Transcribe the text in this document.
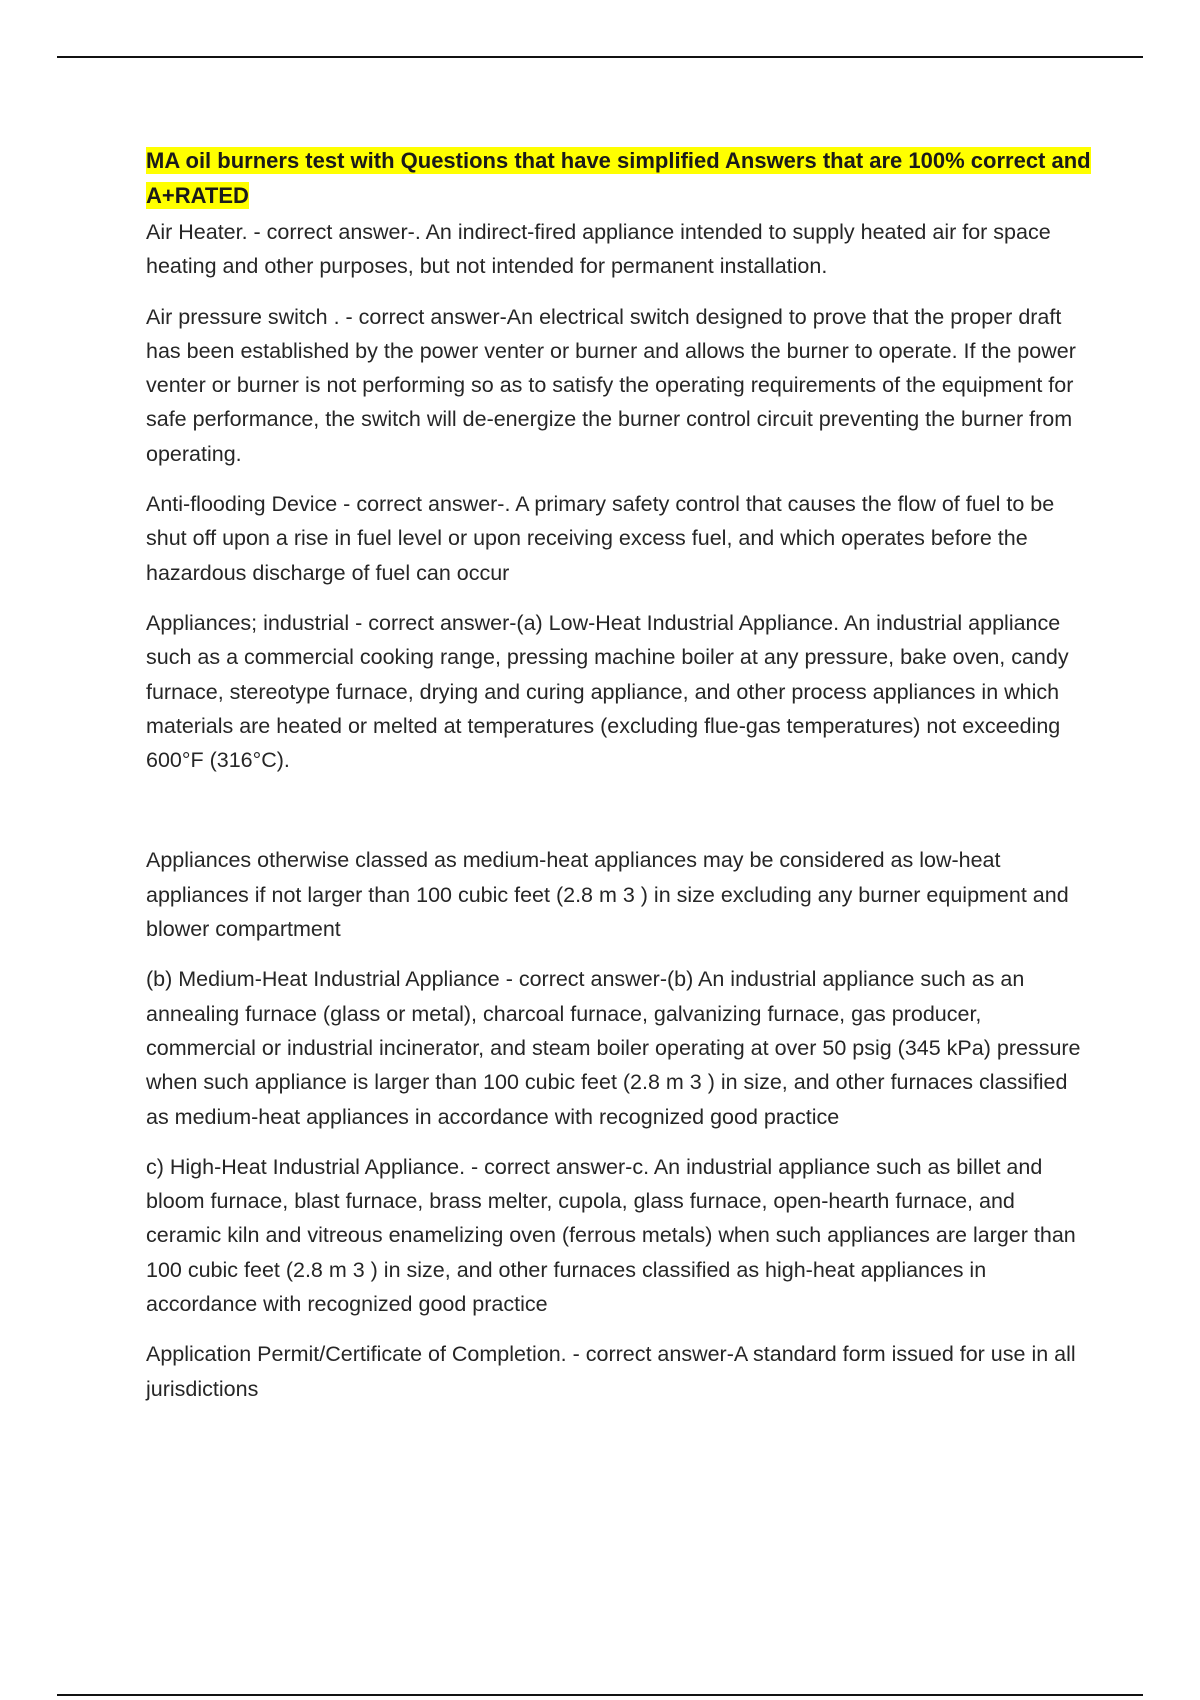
MA oil burners test with Questions that have simplified Answers that are 100% correct and A+RATED

Air Heater. - correct answer-. An indirect-fired appliance intended to supply heated air for space heating and other purposes, but not intended for permanent installation.

Air pressure switch . - correct answer-An electrical switch designed to prove that the proper draft has been established by the power venter or burner and allows the burner to operate. If the power venter or burner is not performing so as to satisfy the operating requirements of the equipment for safe performance, the switch will de-energize the burner control circuit preventing the burner from operating.

Anti-flooding Device - correct answer-. A primary safety control that causes the flow of fuel to be shut off upon a rise in fuel level or upon receiving excess fuel, and which operates before the hazardous discharge of fuel can occur

Appliances; industrial - correct answer-(a) Low-Heat Industrial Appliance. An industrial appliance such as a commercial cooking range, pressing machine boiler at any pressure, bake oven, candy furnace, stereotype furnace, drying and curing appliance, and other process appliances in which materials are heated or melted at temperatures (excluding flue-gas temperatures) not exceeding 600°F (316°C).

Appliances otherwise classed as medium-heat appliances may be considered as low-heat appliances if not larger than 100 cubic feet (2.8 m 3 ) in size excluding any burner equipment and blower compartment

(b) Medium-Heat Industrial Appliance - correct answer-(b) An industrial appliance such as an annealing furnace (glass or metal), charcoal furnace, galvanizing furnace, gas producer, commercial or industrial incinerator, and steam boiler operating at over 50 psig (345 kPa) pressure when such appliance is larger than 100 cubic feet (2.8 m 3 ) in size, and other furnaces classified as medium-heat appliances in accordance with recognized good practice

c) High-Heat Industrial Appliance. - correct answer-c. An industrial appliance such as billet and bloom furnace, blast furnace, brass melter, cupola, glass furnace, open-hearth furnace, and ceramic kiln and vitreous enamelizing oven (ferrous metals) when such appliances are larger than 100 cubic feet (2.8 m 3 ) in size, and other furnaces classified as high-heat appliances in accordance with recognized good practice

Application Permit/Certificate of Completion. - correct answer-A standard form issued for use in all jurisdictions
